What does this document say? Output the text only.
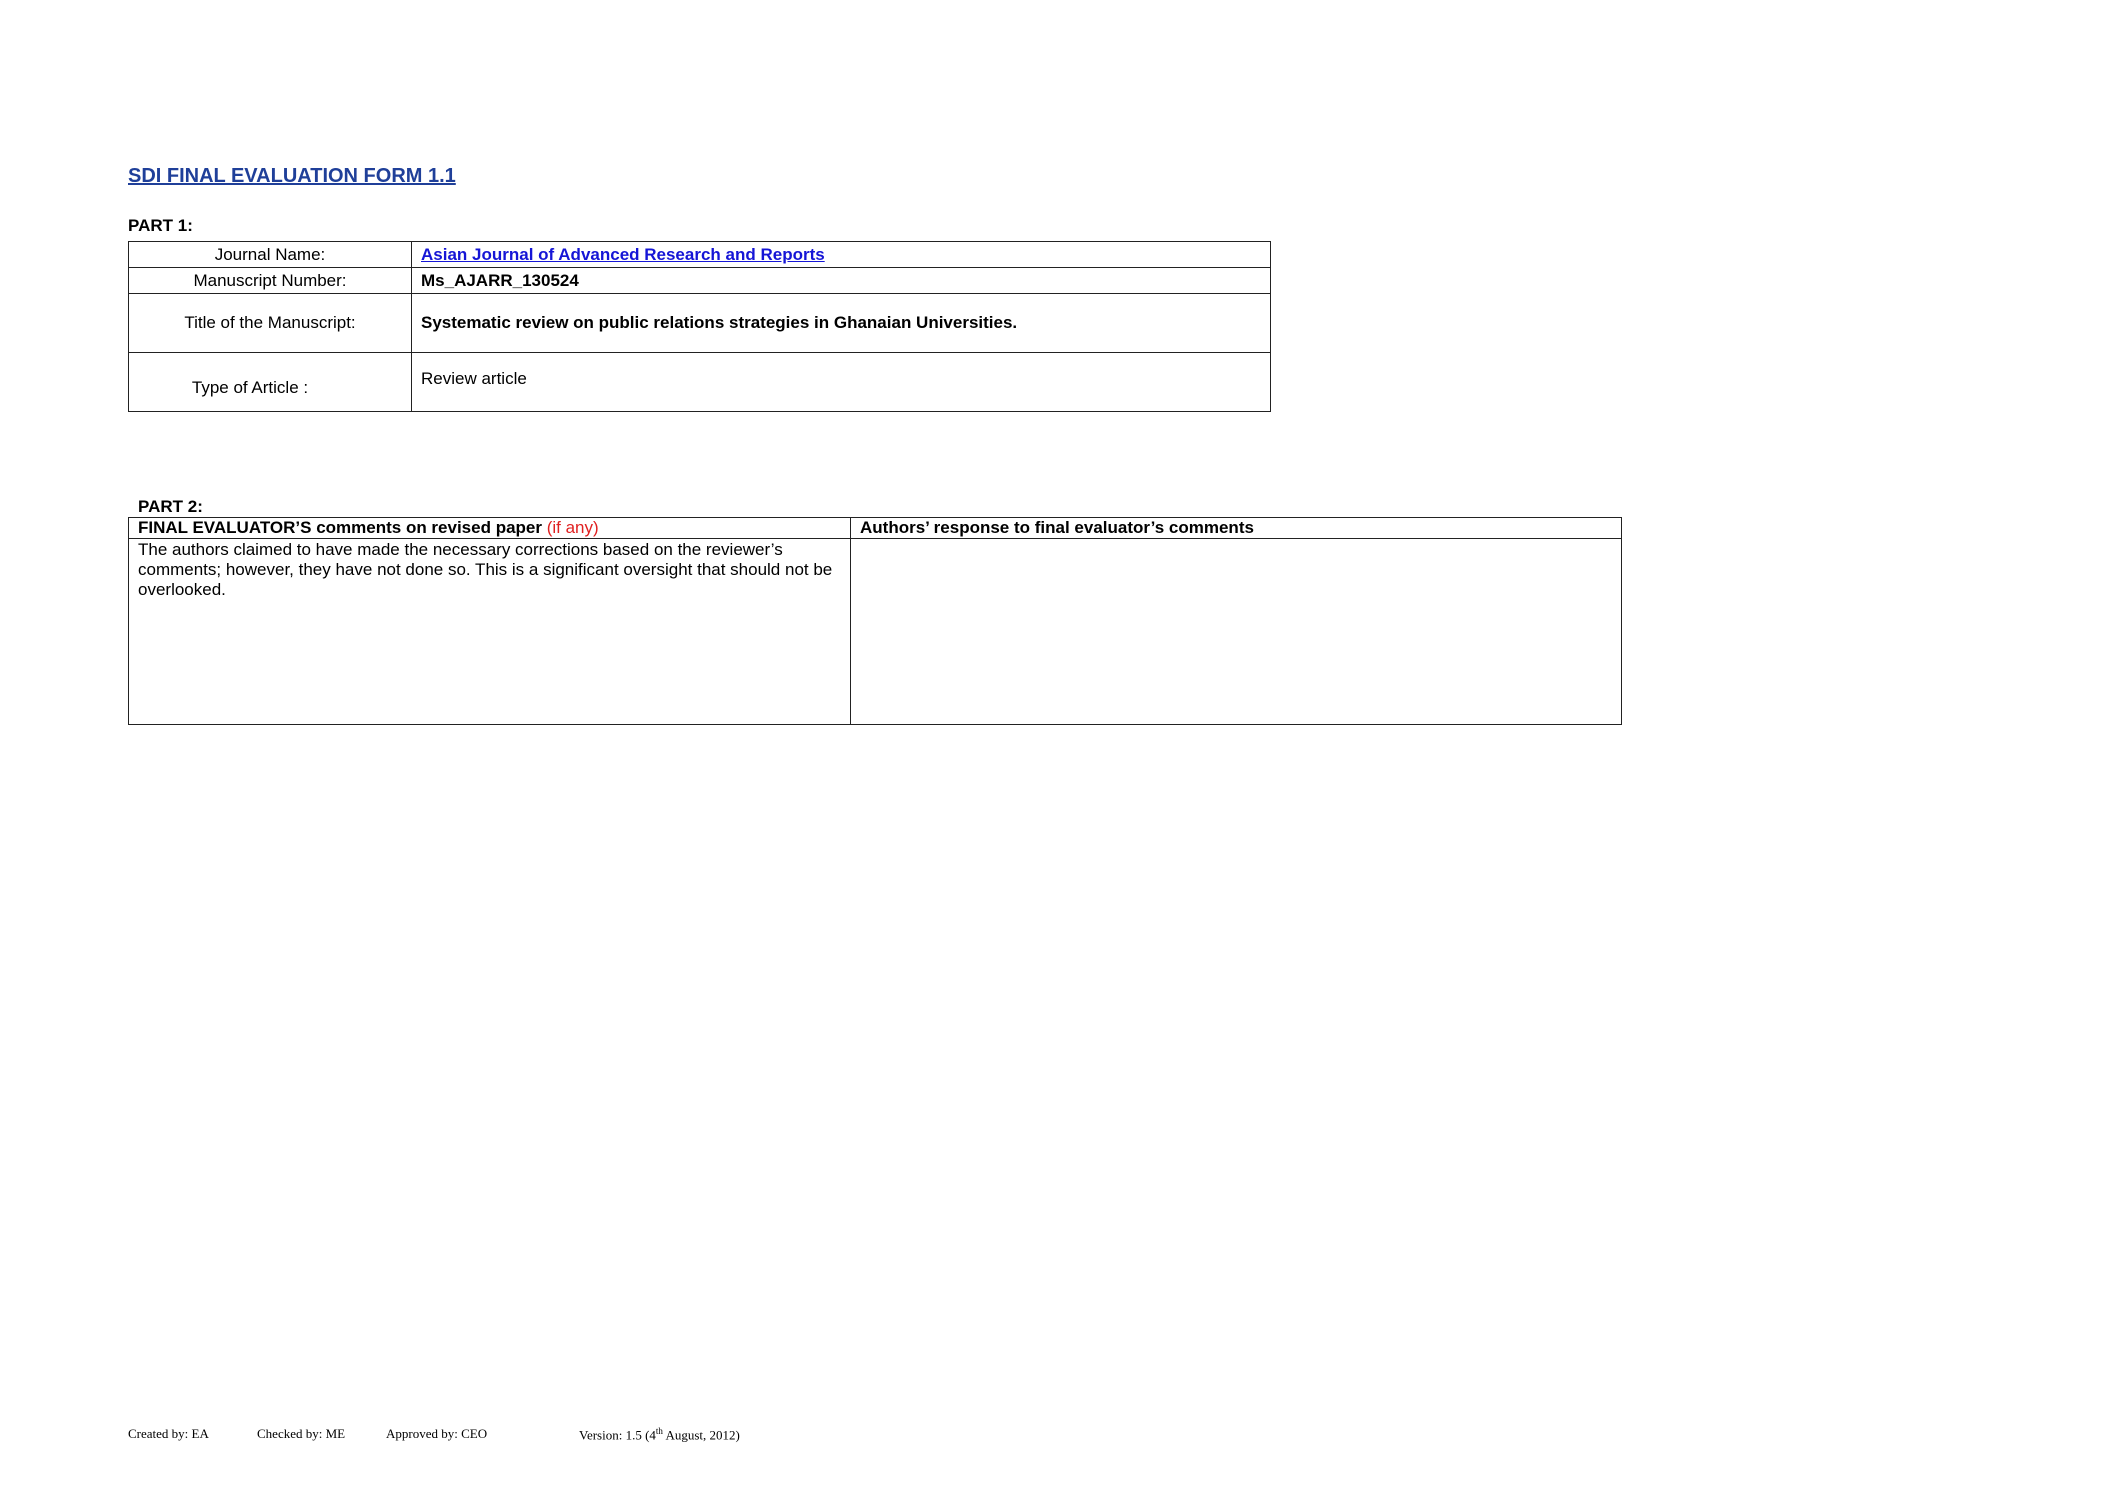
SDI FINAL EVALUATION FORM 1.1
PART 1:
Journal Name:	Asian Journal of Advanced Research and Reports
Manuscript Number:	Ms_AJARR_130524
Title of the Manuscript:	Systematic review on public relations strategies in Ghanaian Universities.
Type of Article :	Review article
PART 2:
FINAL EVALUATOR’S comments on revised paper (if any)	Authors’ response to final evaluator’s comments
The authors claimed to have made the necessary corrections based on the reviewer’s comments; however, they have not done so. This is a significant oversight that should not be overlooked.	
Created by: EA	Checked by: ME	Approved by: CEO	Version: 1.5 (4th August, 2012)
